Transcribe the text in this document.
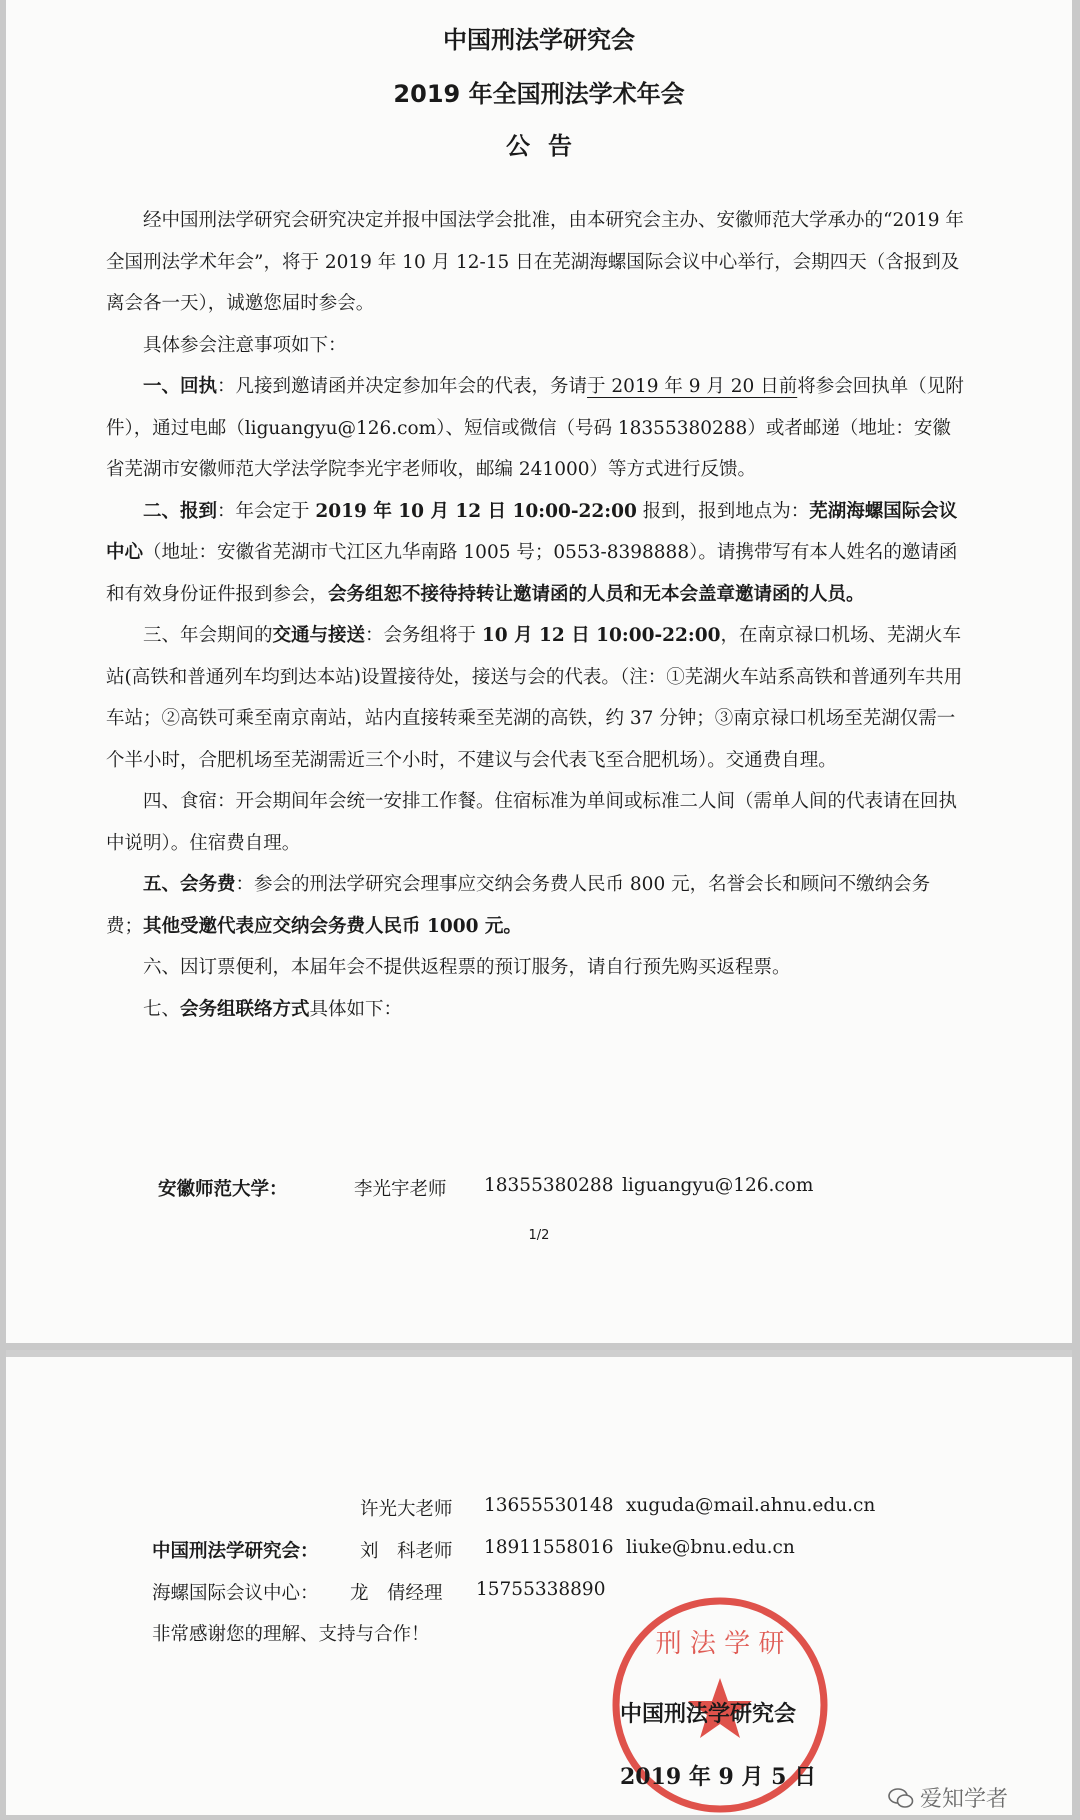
中国刑法学研究会
2019 年全国刑法学术年会
公告

经中国刑法学研究会研究决定并报中国法学会批准，由本研究会主办、安徽师范大学承办的“2019 年全国刑法学术年会”，将于 2019 年 10 月 12-15 日在芜湖海螺国际会议中心举行，会期四天（含报到及离会各一天），诚邀您届时参会。

具体参会注意事项如下：

一、回执：凡接到邀请函并决定参加年会的代表，务请于 2019 年 9 月 20 日前将参会回执单（见附件），通过电邮（liguangyu@126.com）、短信或微信（号码 18355380288）或者邮递（地址：安徽省芜湖市安徽师范大学法学院李光宇老师收，邮编 241000）等方式进行反馈。

二、报到：年会定于 2019 年 10 月 12 日 10:00-22:00 报到，报到地点为：芜湖海螺国际会议中心（地址：安徽省芜湖市弋江区九华南路 1005 号；0553-8398888）。请携带写有本人姓名的邀请函和有效身份证件报到参会，会务组恕不接待持转让邀请函的人员和无本会盖章邀请函的人员。

三、年会期间的交通与接送：会务组将于 10 月 12 日 10:00-22:00，在南京禄口机场、芜湖火车站(高铁和普通列车均到达本站)设置接待处，接送与会的代表。（注：①芜湖火车站系高铁和普通列车共用车站；②高铁可乘至南京南站，站内直接转乘至芜湖的高铁，约 37 分钟；③南京禄口机场至芜湖仅需一个半小时，合肥机场至芜湖需近三个小时，不建议与会代表飞至合肥机场）。交通费自理。

四、食宿：开会期间年会统一安排工作餐。住宿标准为单间或标准二人间（需单人间的代表请在回执中说明）。住宿费自理。

五、会务费：参会的刑法学研究会理事应交纳会务费人民币 800 元，名誉会长和顾问不缴纳会务费；其他受邀代表应交纳会务费人民币 1000 元。

六、因订票便利，本届年会不提供返程票的预订服务，请自行预先购买返程票。

七、会务组联络方式具体如下：

安徽师范大学：	李光宇老师 18355380288 liguangyu@126.com
1/2
许光大老师 13655530148 xuguda@mail.ahnu.edu.cn
中国刑法学研究会： 刘　科老师 18911558016 liuke@bnu.edu.cn
海螺国际会议中心： 龙　倩经理 15755338890
非常感谢您的理解、支持与合作！	刑 法 学 研
中国刑法学研究会
2019 年 9 月 5 日
爱知学者
